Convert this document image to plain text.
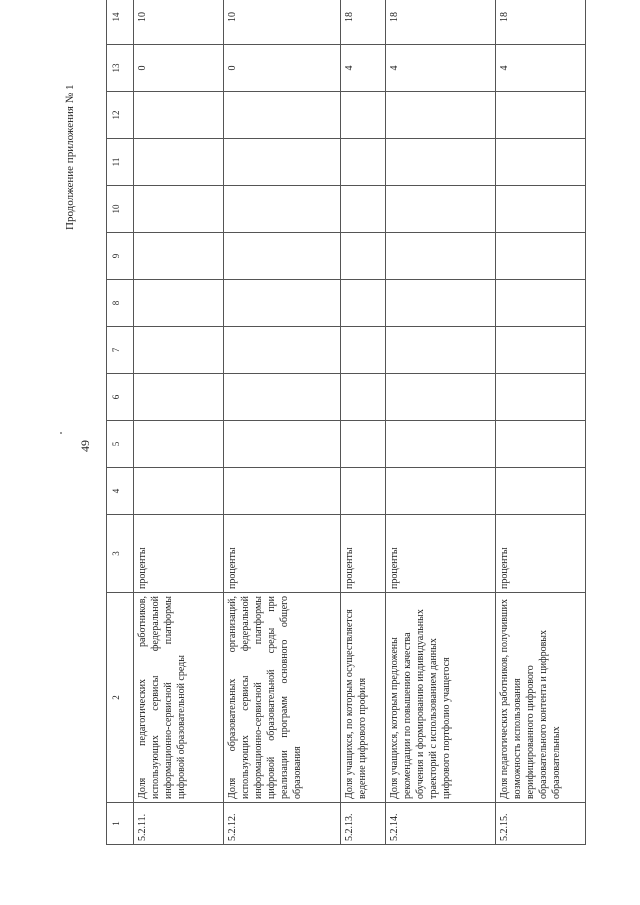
49
Продолжение приложения № 1
1	2	3	4	5	6	7	8	9	10	11	12	13	14
5.2.11.	Доля педагогических работников, использующих сервисы федеральной информационно-сервисной платформы цифровой образовательной среды	проценты										0	10
5.2.12.	Доля образовательных организаций, использующих сервисы федеральной информационно-сервисной платформы цифровой образовательной среды при реализации программ основного общего образования	проценты										0	10
5.2.13.	Доля учащихся, по которым осуществляется ведение цифрового профиля	проценты										4	18
5.2.14.	Доля учащихся, которым предложены рекомендации по повышению качества обучения и формированию индивидуальных траекторий с использованием данных цифрового портфолио учащегося	проценты										4	18
5.2.15.	Доля педагогических работников, получивших возможность использования верифицированного цифрового образовательного контента и цифровых образовательных	проценты										4	18
